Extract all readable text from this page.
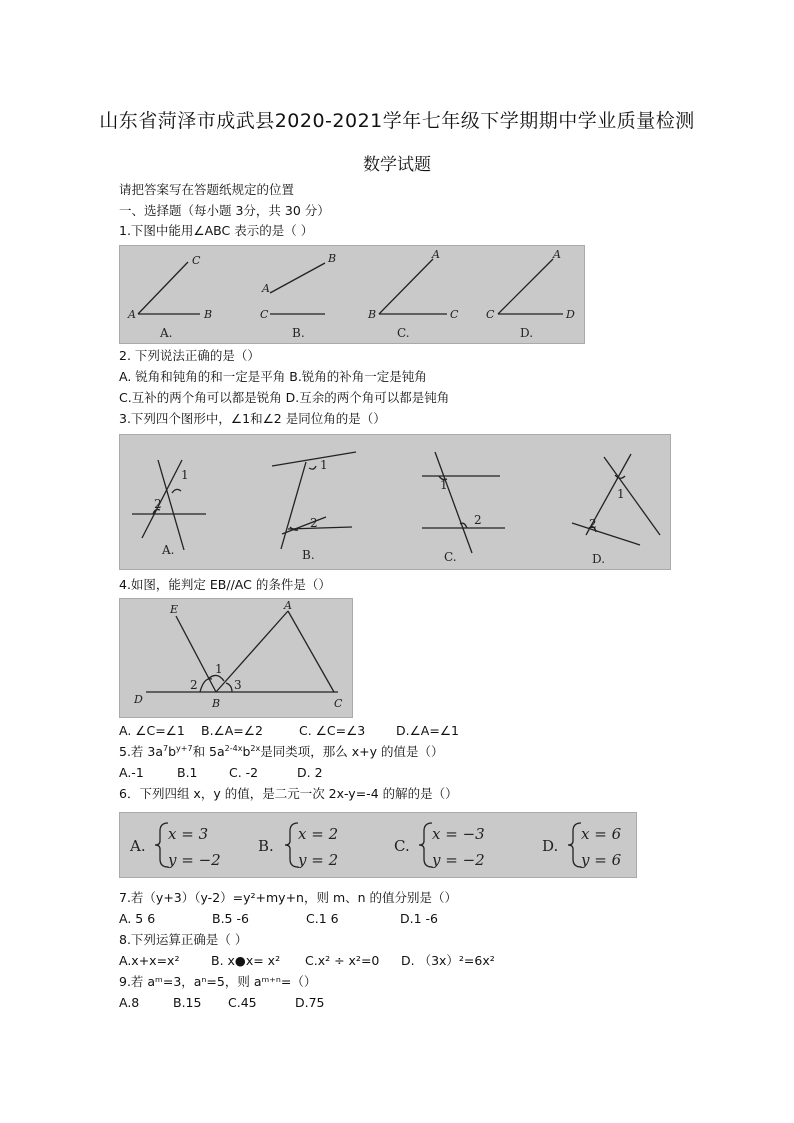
山东省菏泽市成武县2020-2021学年七年级下学期期中学业质量检测
数学试题
请把答案写在答题纸规定的位置
一、选择题（每小题 3分，共 30 分）
1.下图中能用∠ABC 表示的是（ ）
C
A	B
B
A
C
A
B	C
A
C	D
A.	B.	C.	D.
2. 下列说法正确的是（）
A. 锐角和钝角的和一定是平角 B.锐角的补角一定是钝角
C.互补的两个角可以都是锐角 D.互余的两个角可以都是钝角
3.下列四个图形中，∠1和∠2 是同位角的是（）
1
2
1
2
1
2
1
2
A.	B.	C.	D.
4.如图，能判定 EB//AC 的条件是（）
E	A
D	B	C
1
2	3
A. ∠C=∠1 B.∠A=∠2	C. ∠C=∠3 D.∠A=∠1
5.若 $3a^7b^{y+7}$和 $5a^{2-4x}b^{2x}$是同类项，那么 x+y 的值是（）
A.-1	B.1	C. -2	D. 2
6．下列四组 x，y 的值，是二元一次 2x-y=-4 的解的是（）
A.
x = 3
y = −2
B.
x = 2
y = 2
C.
x = −3
y = −2
D.
x = 6
y = 6
7.若（y+3）（y-2）=y²+my+n，则 m、n 的值分别是（）
A. 5 6	B.5 -6	C.1 6	D.1 -6
8.下列运算正确是（ ）
A.x+x=x²	B. x●x= x² C.x² ÷ x²=0 D. （3x）²=6x²
9.若 aᵐ=3，aⁿ=5，则 aᵐ⁺ⁿ=（）
A.8	B.15 C.45	D.75
